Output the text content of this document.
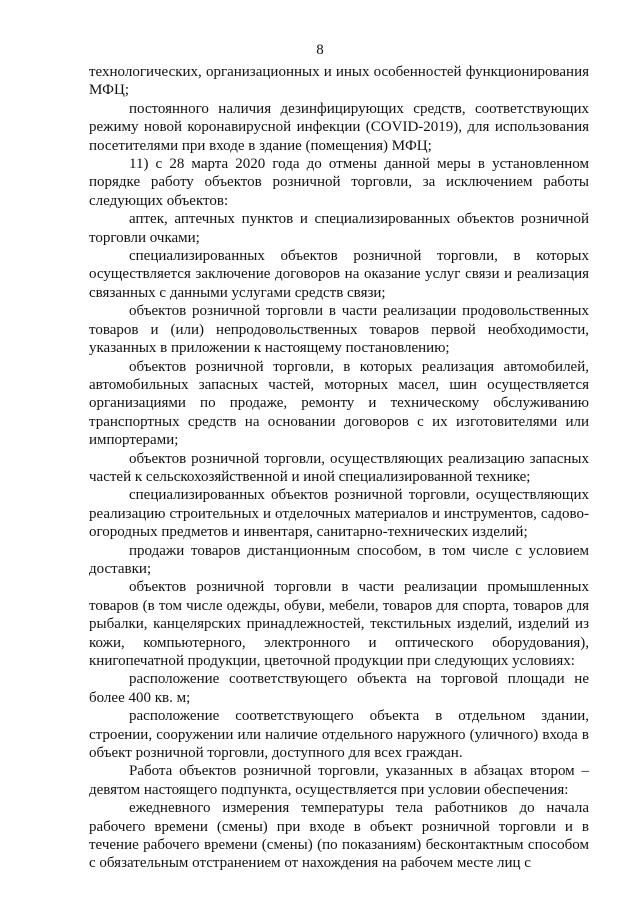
8

технологических, организационных и иных особенностей функционирования МФЦ;

постоянного наличия дезинфицирующих средств, соответствующих режиму новой коронавирусной инфекции (COVID-2019), для использования посетителями при входе в здание (помещения) МФЦ;

11) с 28 марта 2020 года до отмены данной меры в установленном порядке работу объектов розничной торговли, за исключением работы следующих объектов:

аптек, аптечных пунктов и специализированных объектов розничной торговли очками;

специализированных объектов розничной торговли, в которых осуществляется заключение договоров на оказание услуг связи и реализация связанных с данными услугами средств связи;

объектов розничной торговли в части реализации продовольственных товаров и (или) непродовольственных товаров первой необходимости, указанных в приложении к настоящему постановлению;

объектов розничной торговли, в которых реализация автомобилей, автомобильных запасных частей, моторных масел, шин осуществляется организациями по продаже, ремонту и техническому обслуживанию транспортных средств на основании договоров с их изготовителями или импортерами;

объектов розничной торговли, осуществляющих реализацию запасных частей к сельскохозяйственной и иной специализированной технике;

специализированных объектов розничной торговли, осуществляющих реализацию строительных и отделочных материалов и инструментов, садово-огородных предметов и инвентаря, санитарно-технических изделий;

продажи товаров дистанционным способом, в том числе с условием доставки;

объектов розничной торговли в части реализации промышленных товаров (в том числе одежды, обуви, мебели, товаров для спорта, товаров для рыбалки, канцелярских принадлежностей, текстильных изделий, изделий из кожи, компьютерного, электронного и оптического оборудования), книгопечатной продукции, цветочной продукции при следующих условиях:

расположение соответствующего объекта на торговой площади не более 400 кв. м;

расположение соответствующего объекта в отдельном здании, строении, сооружении или наличие отдельного наружного (уличного) входа в объект розничной торговли, доступного для всех граждан.

Работа объектов розничной торговли, указанных в абзацах втором – девятом настоящего подпункта, осуществляется при условии обеспечения:

ежедневного измерения температуры тела работников до начала рабочего времени (смены) при входе в объект розничной торговли и в течение рабочего времени (смены) (по показаниям) бесконтактным способом с обязательным отстранением от нахождения на рабочем месте лиц с
